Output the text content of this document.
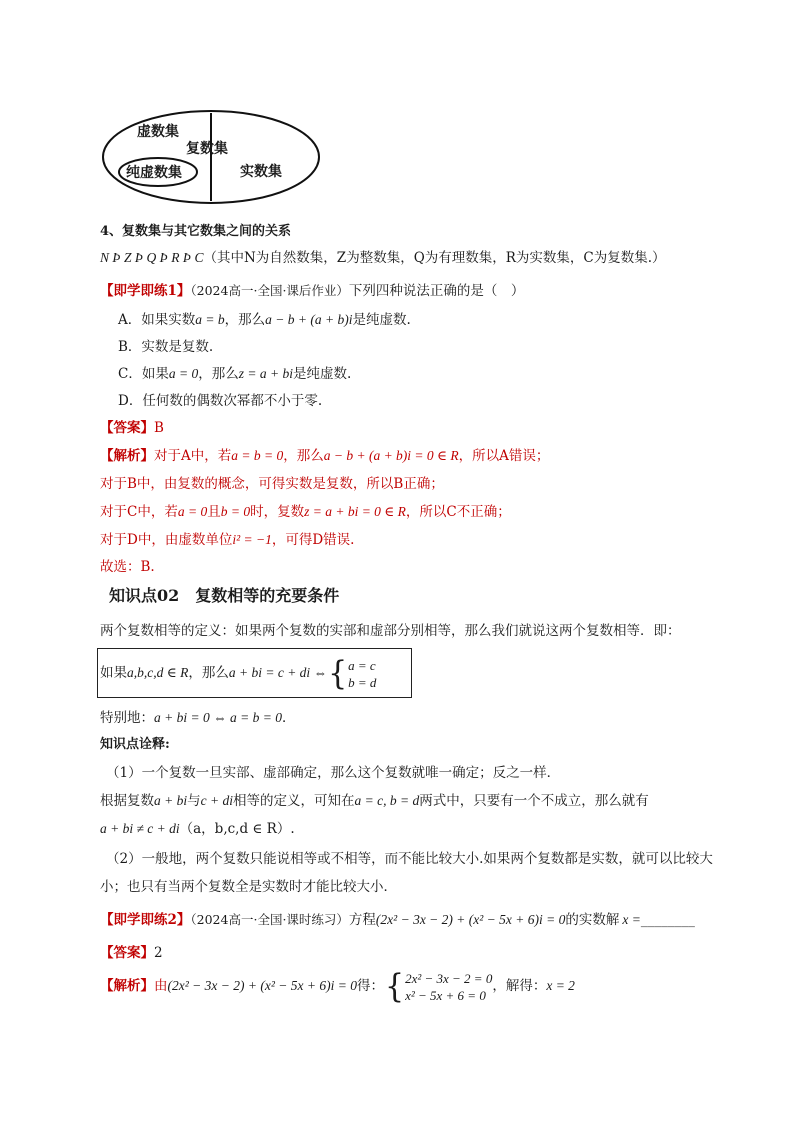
虚数集
复数集
纯虚数集	实数集
4、复数集与其它数集之间的关系
N Þ Z Þ Q Þ R Þ C（其中N为自然数集，Z为整数集，Q为有理数集，R为实数集，C为复数集.）
【即学即练1】（2024高一·全国·课后作业）下列四种说法正确的是（　）
A．如果实数a = b，那么a − b + (a + b)i是纯虚数.
B．实数是复数.
C．如果a = 0，那么z = a + bi是纯虚数.
D．任何数的偶数次幂都不小于零.
【答案】B
【解析】对于A中，若a = b = 0，那么a − b + (a + b)i = 0 ∈ R，所以A错误；
对于B中，由复数的概念，可得实数是复数，所以B正确；
对于C中，若a = 0且b = 0时，复数z = a + bi = 0 ∈ R，所以C不正确；
对于D中，由虚数单位i² = −1，可得D错误.
故选：B.
知识点02　复数相等的充要条件
两个复数相等的定义：如果两个复数的实部和虚部分别相等，那么我们就说这两个复数相等．即：
如果a,b,c,d ∈ R，那么a + bi = c + di ⇔{a = c
b = d
特别地：a + bi = 0 ⇔ a = b = 0．
知识点诠释:
（1）一个复数一旦实部、虚部确定，那么这个复数就唯一确定；反之一样．
根据复数a + bi与c + di相等的定义，可知在a = c, b = d两式中，只要有一个不成立，那么就有
a + bi ≠ c + di（a，b,c,d ∈ R）.
（2）一般地，两个复数只能说相等或不相等，而不能比较大小.如果两个复数都是实数，就可以比较大
小；也只有当两个复数全是实数时才能比较大小．
【即学即练2】（2024高一·全国·课时练习）方程(2x² − 3x − 2) + (x² − 5x + 6)i = 0的实数解 x =________
【答案】2
【解析】由(2x² − 3x − 2) + (x² − 5x + 6)i = 0得：{2x² − 3x − 2 = 0
x² − 5x + 6 = 0，解得：x = 2
